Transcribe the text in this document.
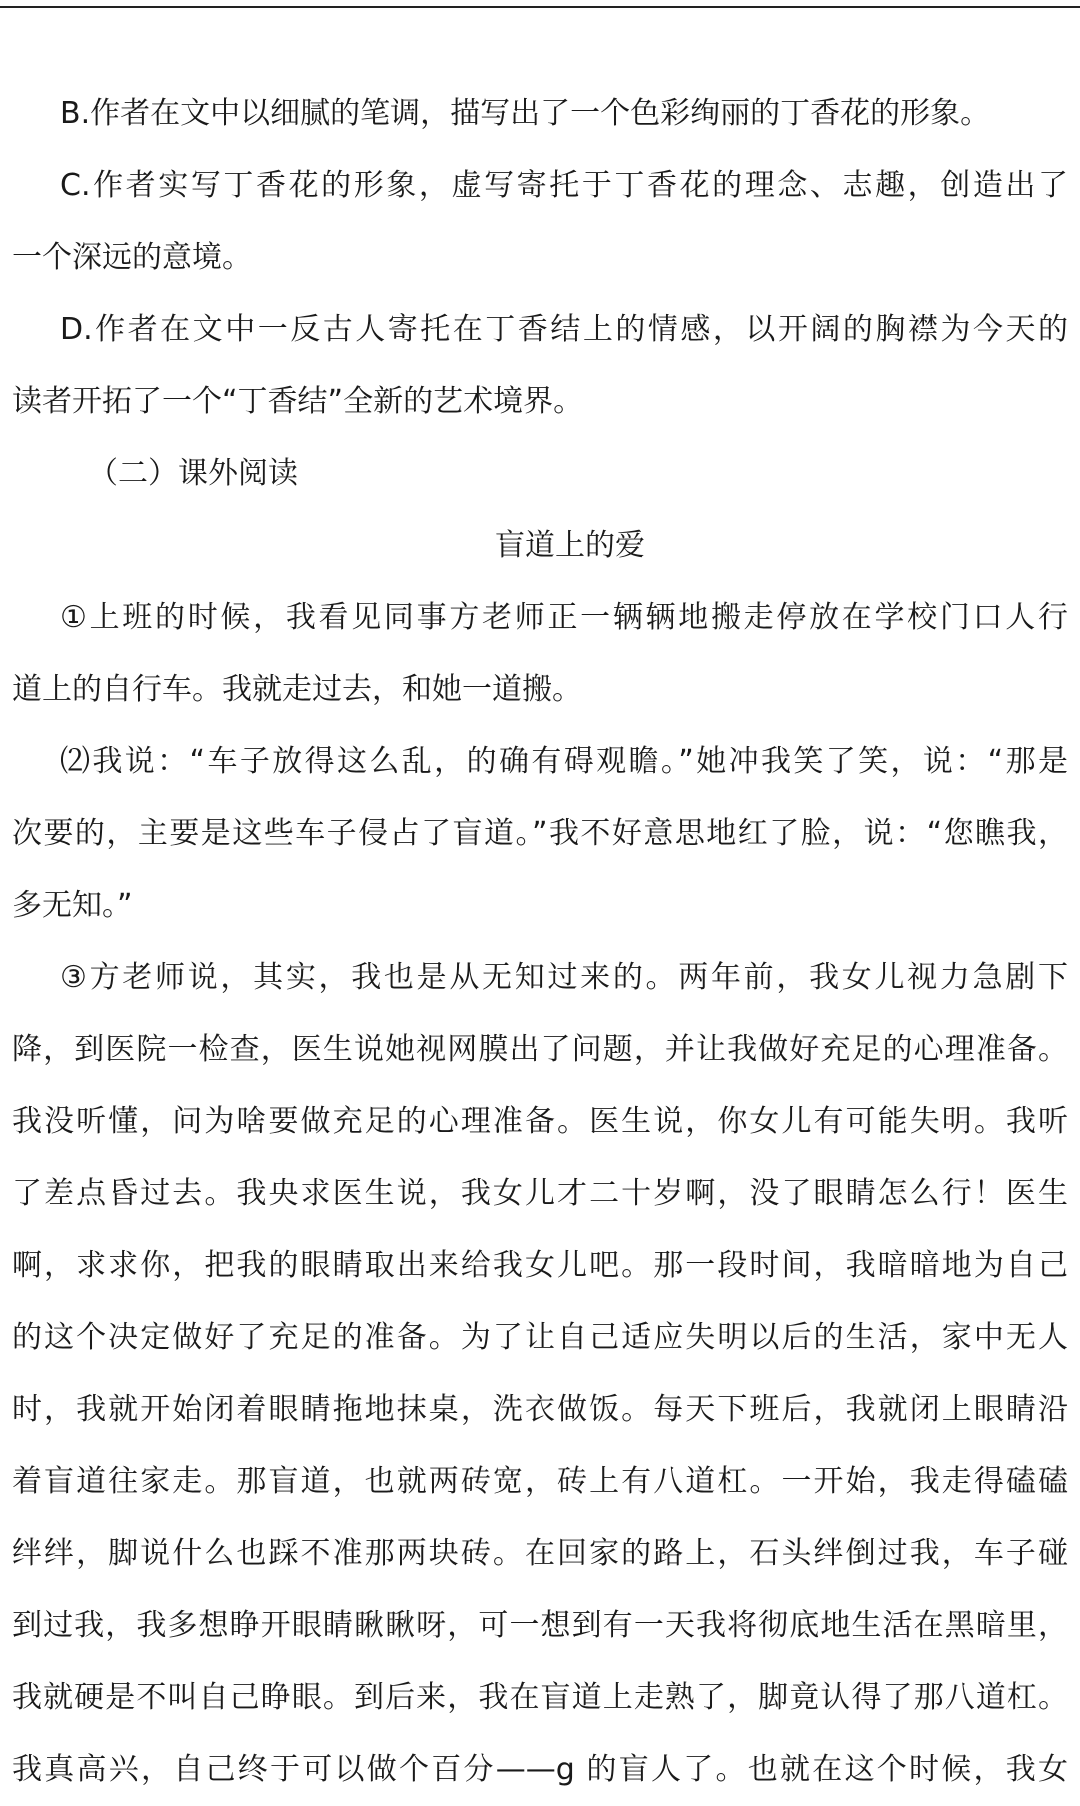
B.作者在文中以细腻的笔调，描写出了一个色彩绚丽的丁香花的形象。
C.作者实写丁香花的形象，虚写寄托于丁香花的理念、志趣，创造出了
一个深远的意境。
D.作者在文中一反古人寄托在丁香结上的情感，以开阔的胸襟为今天的
读者开拓了一个“丁香结”全新的艺术境界。
（二）课外阅读
盲道上的爱
①上班的时候，我看见同事方老师正一辆辆地搬走停放在学校门口人行
道上的自行车。我就走过去，和她一道搬。
⑵我说：“车子放得这么乱，的确有碍观瞻。”她冲我笑了笑，说：“那是
次要的，主要是这些车子侵占了盲道。”我不好意思地红了脸，说：“您瞧我，
多无知。”
③方老师说，其实，我也是从无知过来的。两年前，我女儿视力急剧下
降，到医院一检查，医生说她视网膜出了问题，并让我做好充足的心理准备。
我没听懂，问为啥要做充足的心理准备。医生说，你女儿有可能失明。我听
了差点昏过去。我央求医生说，我女儿才二十岁啊，没了眼睛怎么行！医生
啊，求求你，把我的眼睛取出来给我女儿吧。那一段时间，我暗暗地为自己
的这个决定做好了充足的准备。为了让自己适应失明以后的生活，家中无人
时，我就开始闭着眼睛拖地抹桌，洗衣做饭。每天下班后，我就闭上眼睛沿
着盲道往家走。那盲道，也就两砖宽，砖上有八道杠。一开始，我走得磕磕
绊绊，脚说什么也踩不准那两块砖。在回家的路上，石头绊倒过我，车子碰
到过我，我多想睁开眼睛瞅瞅呀，可一想到有一天我将彻底地生活在黑暗里，
我就硬是不叫自己睁眼。到后来，我在盲道上走熟了，脚竟认得了那八道杠。
我真高兴，自己终于可以做个百分——g 的盲人了。也就在这个时候，我女
